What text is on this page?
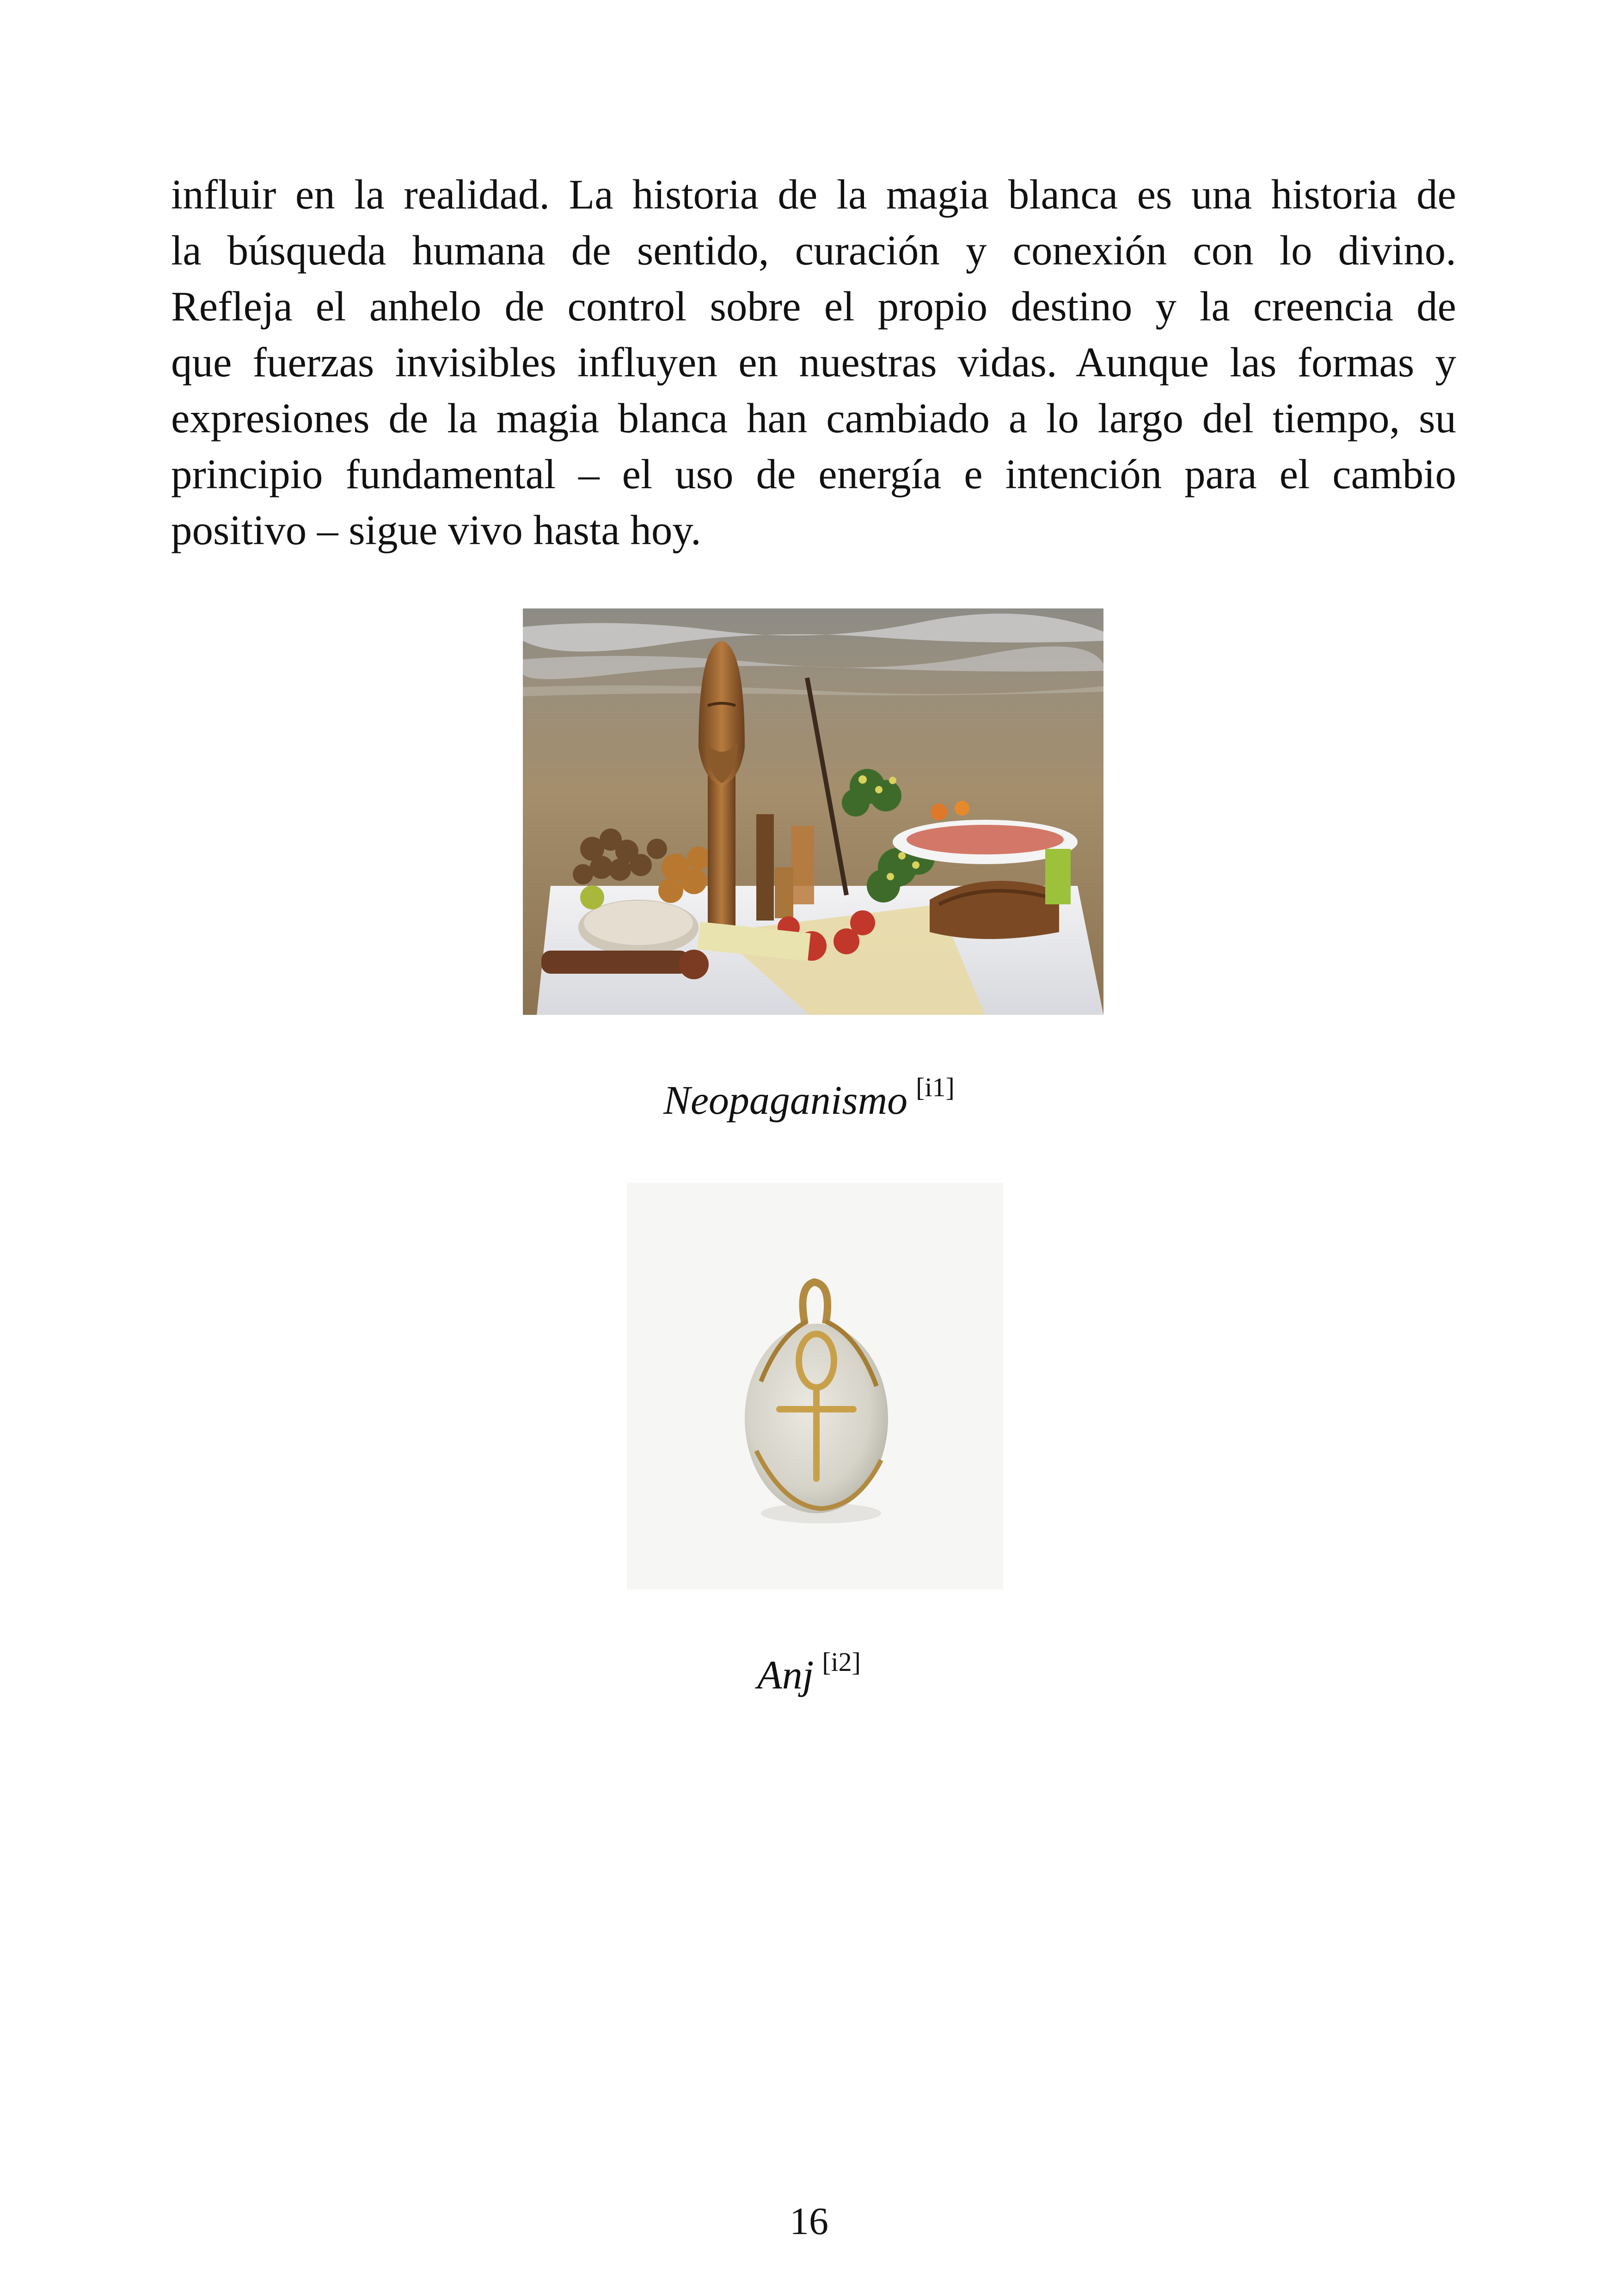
influir en la realidad. La historia de la magia blanca es una historia de
la búsqueda humana de sentido, curación y conexión con lo divino.
Refleja el anhelo de control sobre el propio destino y la creencia de
que fuerzas invisibles influyen en nuestras vidas. Aunque las formas y
expresiones de la magia blanca han cambiado a lo largo del tiempo, su
principio fundamental – el uso de energía e intención para el cambio
positivo – sigue vivo hasta hoy.
Neopaganismo [i1]
Anj [i2]
16
